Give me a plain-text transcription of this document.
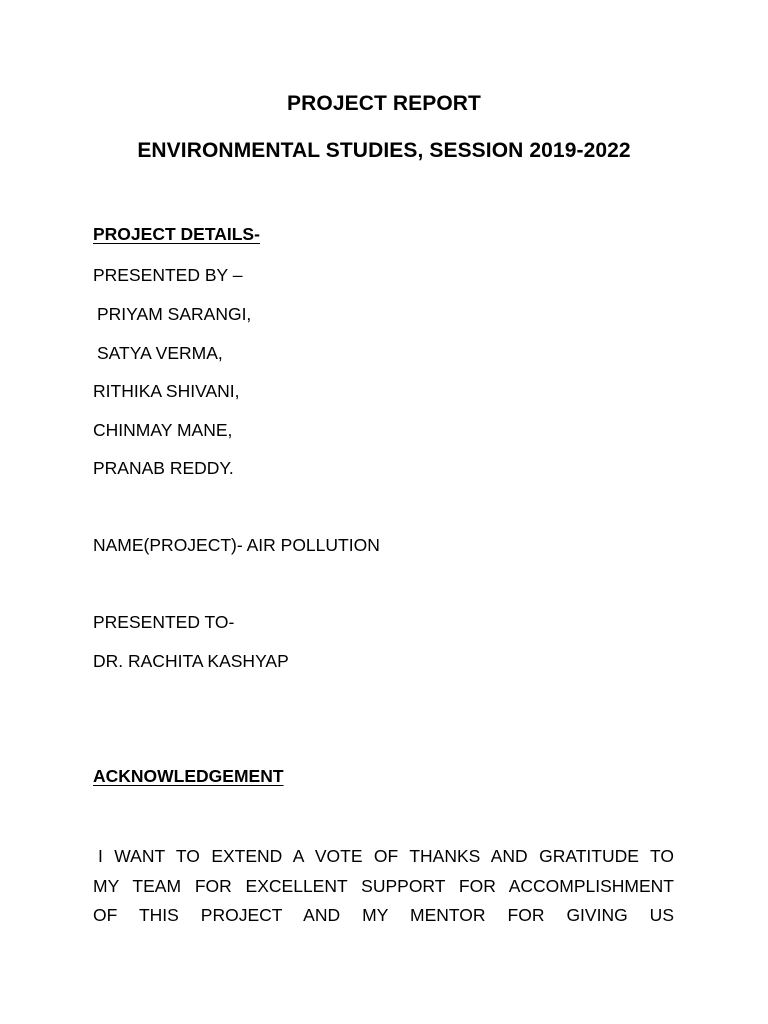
PROJECT REPORT
ENVIRONMENTAL STUDIES, SESSION 2019-2022
PROJECT DETAILS-
PRESENTED BY –
PRIYAM SARANGI,
SATYA VERMA,
RITHIKA SHIVANI,
CHINMAY MANE,
PRANAB REDDY.
NAME(PROJECT)- AIR POLLUTION
PRESENTED TO-
DR. RACHITA KASHYAP
ACKNOWLEDGEMENT
I WANT TO EXTEND A VOTE OF THANKS AND GRATITUDE TO
MY TEAM FOR EXCELLENT SUPPORT FOR ACCOMPLISHMENT
OF THIS PROJECT AND MY MENTOR FOR GIVING US
